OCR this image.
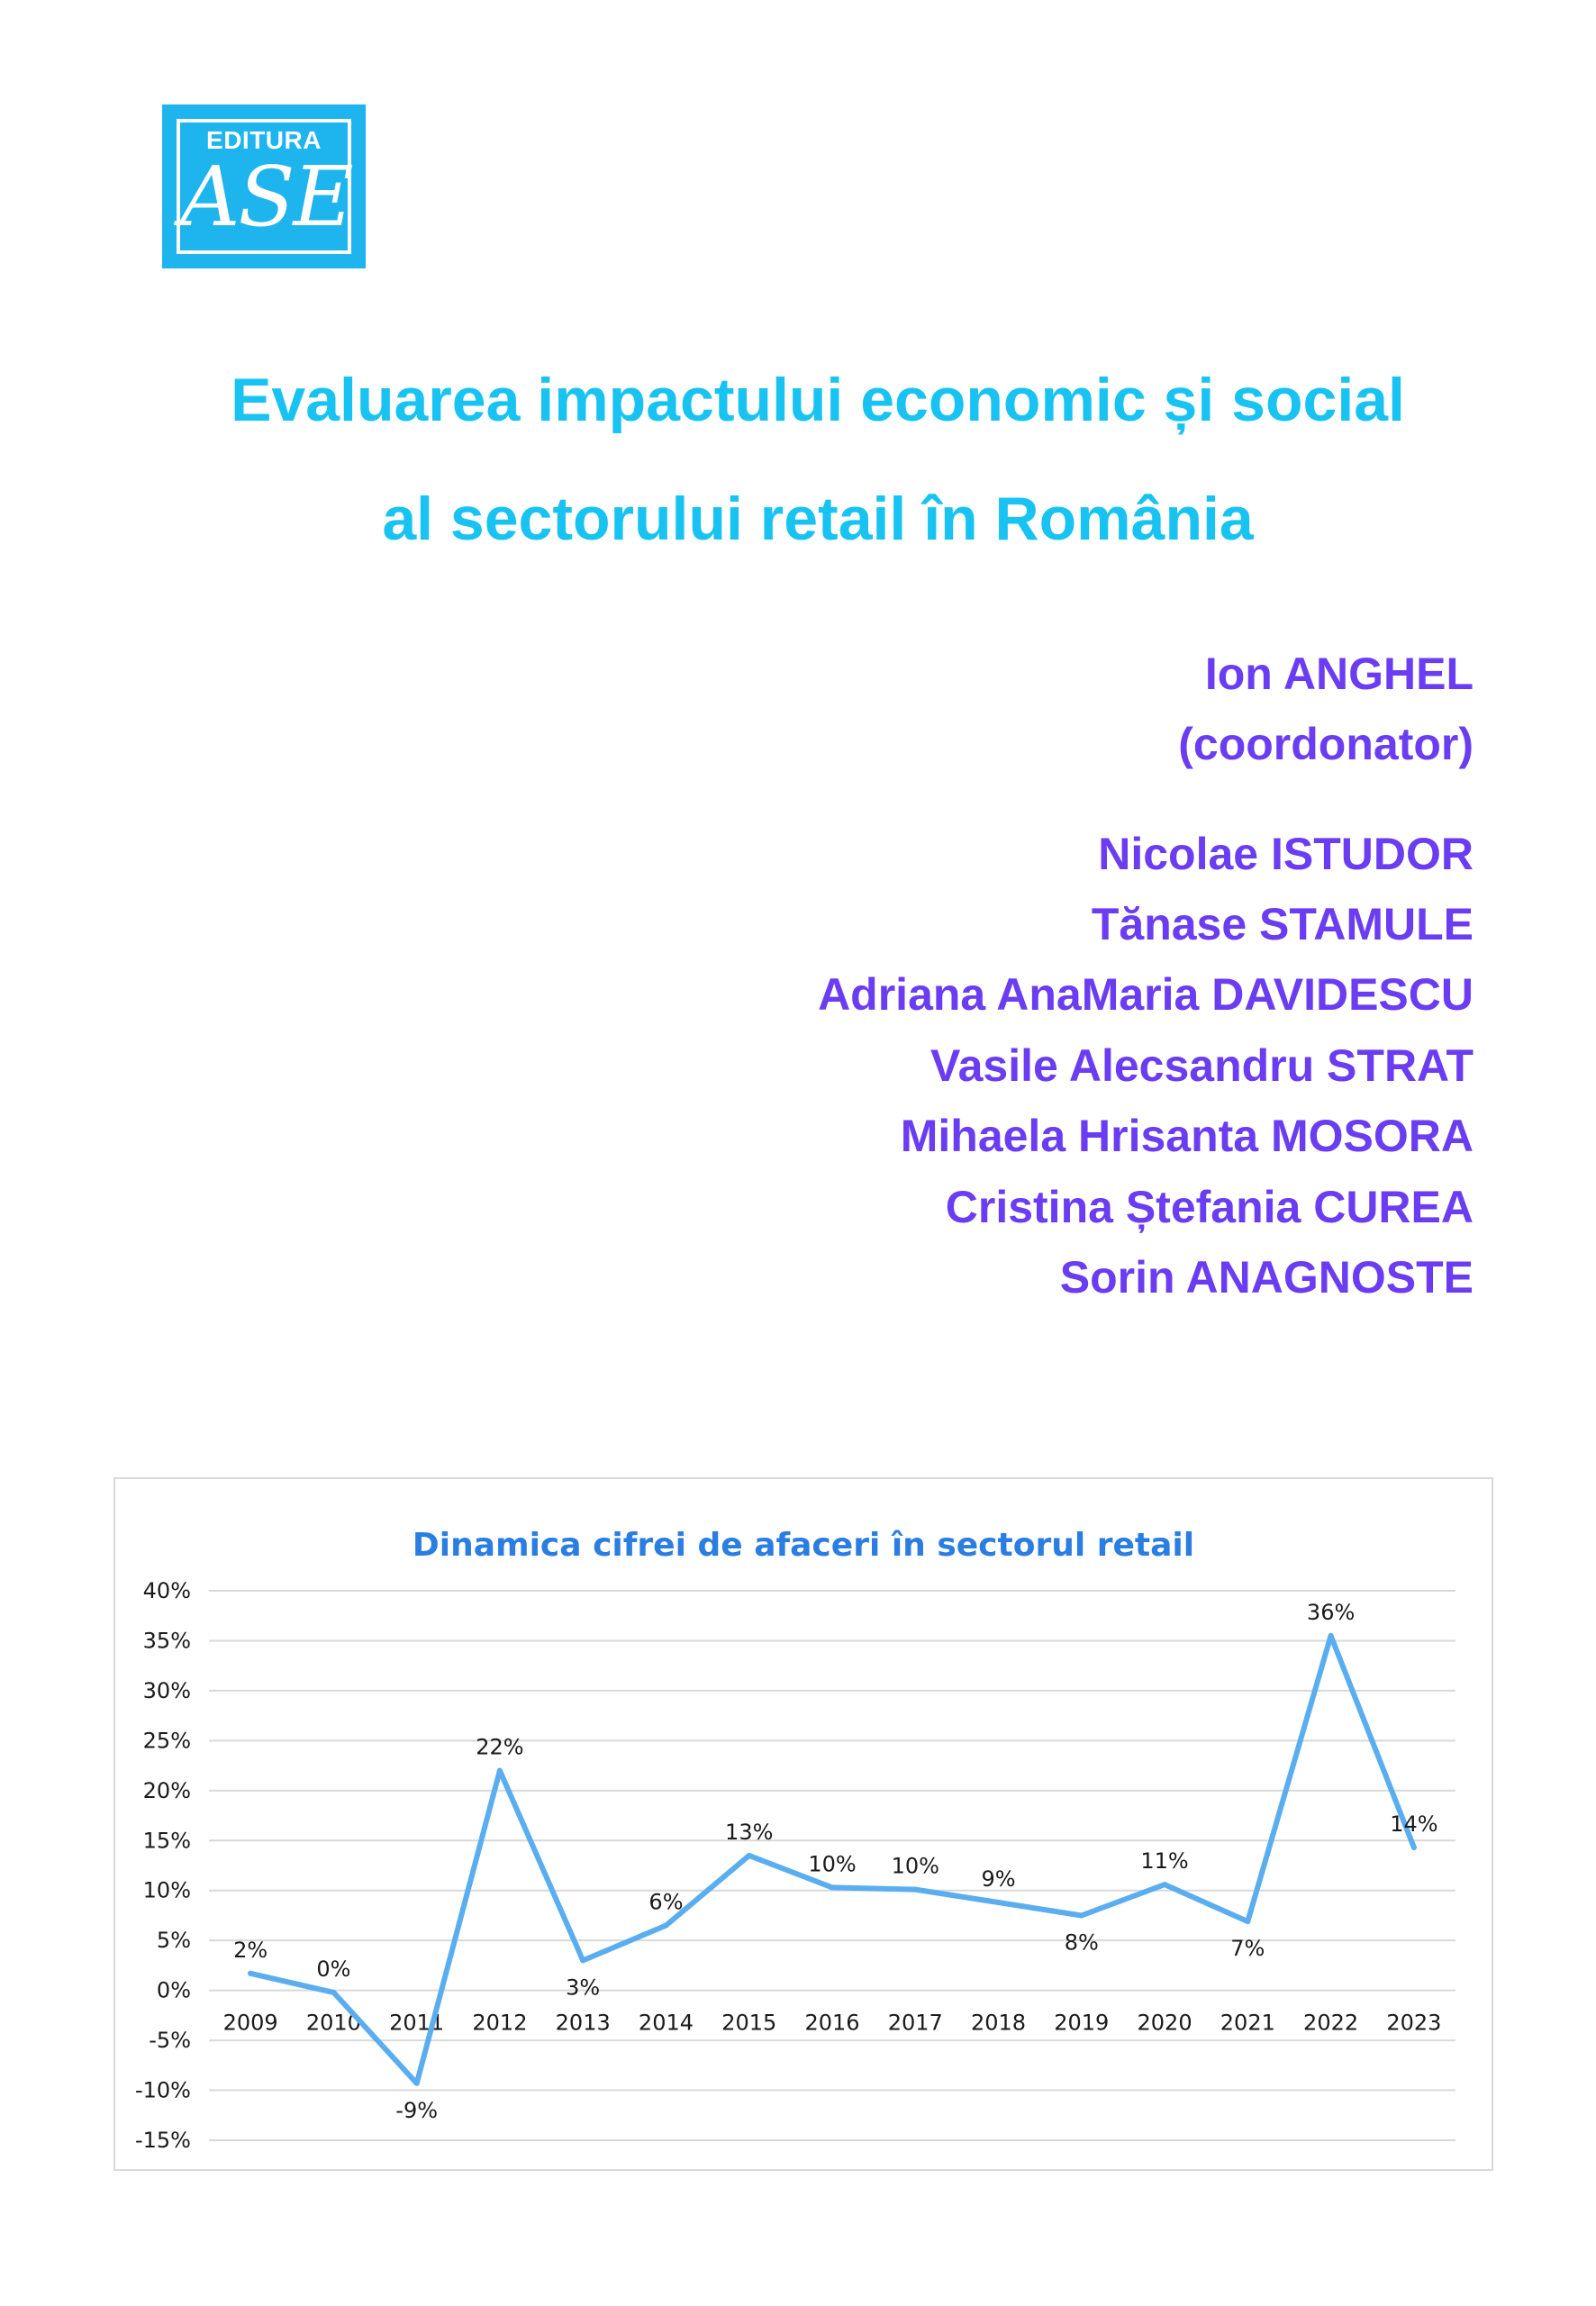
EDITURA
ASE
Evaluarea impactului economic și social
al sectorului retail în România
Ion ANGHEL
(coordonator)
Nicolae ISTUDOR
Tănase STAMULE
Adriana AnaMaria DAVIDESCU
Vasile Alecsandru STRAT
Mihaela Hrisanta MOSORA
Cristina Ștefania CUREA
Sorin ANAGNOSTE
Dinamica cifrei de afaceri în sectorul retail
40%
35%
30%
25%
20%
15%
10%
5%
0%
-5%
-10%
-15%
2009 2010 2011 2012 2013 2014 2015 2016 2017 2018 2019 2020 2021 2022 2023
2%
0%
-9%
22%
3%
6%
13%
10% 10%
9%
8%
11%
7%
36%
14%
